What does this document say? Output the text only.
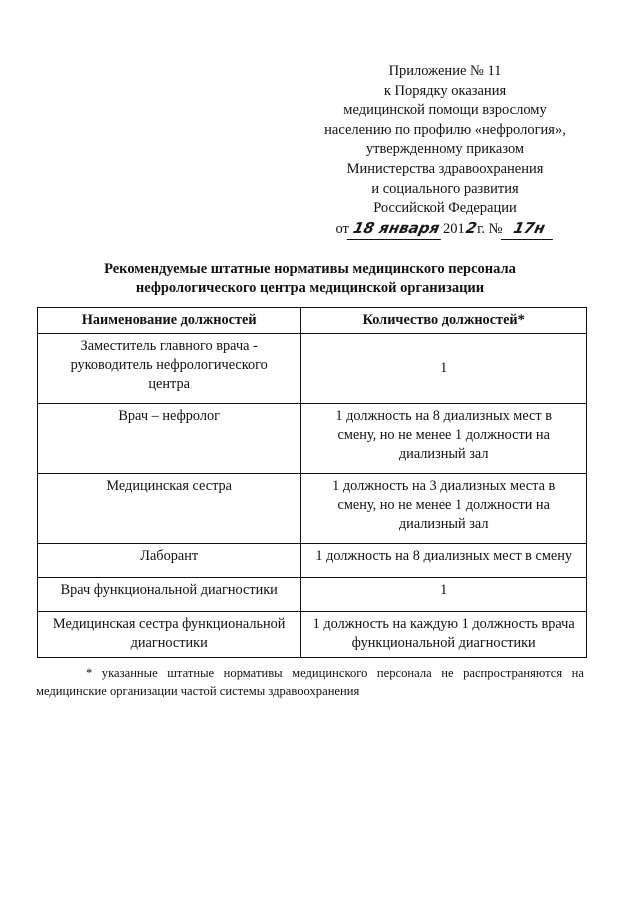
Приложение № 11
к Порядку оказания
медицинской помощи взрослому
населению по профилю «нефрология»,
утвержденному приказом
Министерства здравоохранения
и социального развития
Российской Федерации
от 18 января 2012г. № 17н
Рекомендуемые штатные нормативы медицинского персонала
нефрологического центра медицинской организации
Наименование должностей	Количество должностей*
Заместитель главного врача -
руководитель нефрологического
центра	1
Врач – нефролог	1 должность на 8 диализных мест в
смену, но не менее 1 должности на
диализный зал
Медицинская сестра	1 должность на 3 диализных места в
смену, но не менее 1 должности на
диализный зал
Лаборант	1 должность на 8 диализных мест в смену
Врач функциональной диагностики	1
Медицинская сестра функциональной
диагностики	1 должность на каждую 1 должность врача
функциональной диагностики
* указанные штатные нормативы медицинского персонала не распространяются на
медицинские организации частой системы здравоохранения
